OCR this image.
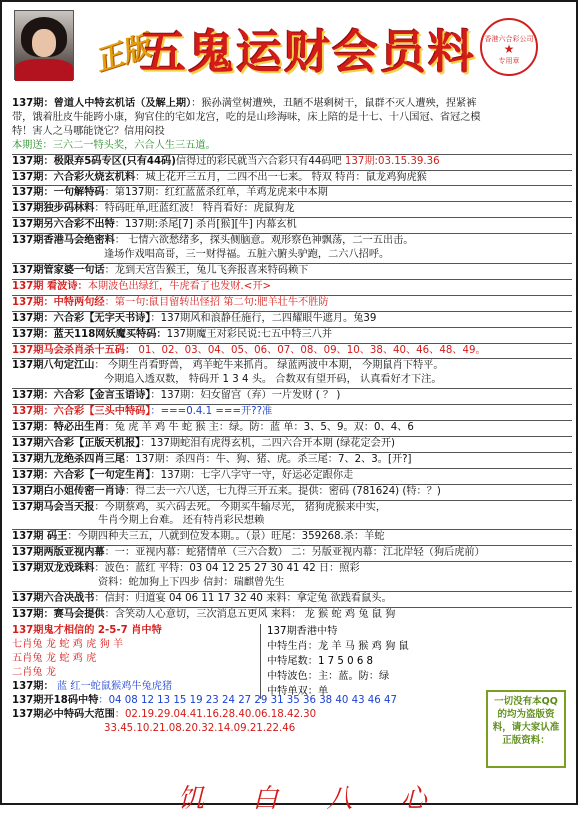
正版
五鬼运财会员料	香港六合彩公司
★
专用章
137期：曾道人中特玄机话（及解上期）：猴孙满堂树遭殃，丑陋不堪剩树干，鼠群不灭人遭殃，捏紧裤
带，饿着肚皮牛能跨小康，狗官住的宅如龙宫，吃的是山珍海味，床上陪的是十七、十八国冠、省冠之模
特！害人之马哪能饶它？信用闷投
本期送：三六二一特头奖，六合人生三五道。
137期：极限弃5码专区(只有44码)信得过的彩民就当六合彩只有44码吧 137期:03.15.39.36
137期：六合彩火烧玄机料：城上花开三五月，二四不出一七来。 特双 特肖：鼠龙鸡狗虎猴
137期：一句解特码：第137期：红红蓝蓝杀红单，羊鸡龙虎来中本期
137期独步码林料：特码旺单,旺蓝红波！ 特肖看好：虎鼠狗龙
137期另六合彩不出特：137期:杀尾[7] 杀肖[猴][牛] 内幕玄机
137期香港马会绝密料： 七情六欲愁绪多，探头侧脑意。观形察色神飘荡，二一五出击。
逢场作戏唱高哥，三一财得福。五脏六腑头驴跑，二六八招呼。
137期管家婆一句话：龙到天宫告猴王，兔儿飞奔报喜来特码赖下
137期 看波诗：本期波色出绿红，牛虎看了也发财.<开>
137期：中特两句经：第一句:鼠目留转出怪招 第二句:肥羊壮牛不胜防
137期：六合彩【无字天书诗】：137期风和浪静任施行，二四耀眼牛遮月。兔39
137期：蓝天118网妖魔买特码：137期魔王对彩民说:七五中特三八并
137期马会杀肖杀十五码： 01、02、03、04、05、06、07、08、09、10、38、40、46、48、49。
137期八句定江山： 今期生肖看野兽， 鸡羊蛇牛来抓肖。 绿蓝两波中本期， 今期鼠肖下特平。
今期追入透双数， 特码开 1 3 4 头。 合数双有望开码， 认真看好才下注。
137期：六合彩【金言玉语诗】：137期：妇女留宫（弃）一片发财 ( ？ )
137期：六合彩【三头中特码】：===0.4.1 ===开??准
137期：特必出生肖：兔 虎 羊 鸡 牛 蛇 猴 主：绿。防：蓝 单：3、5、9。双：0、4、6
137期六合彩【正版天机报】：137期蛇泪有虎得玄机，二四六合开本期 (绿花定会开)
137期九龙绝杀四肖三尾：137期：杀四肖：牛、狗、猪、虎。杀三尾：7、2、3。[开?]
137期：六合彩【一句定生肖】：137期：七字八字守一守，好运必定跟你走
137期白小姐传密一肖诗：得二去一六八送，七九得三开五来。提供：密码 (781624) (特：？)
137期马会当天报：今期蔡鸡，买六码去死。 今期买牛输尽光， 猪狗虎猴来中实，
牛肖今期上台难。 还有特肖彩民想赖
137期 码王：今期四种夫三五，八就到位发本期。。（景）旺尾：359268.杀：羊蛇
137期两版亚视内幕：一：亚视内幕：蛇猪情单（三六合数） 二：另版亚视内幕：江北岸轻（狗后虎前）
137期双龙戏珠料：波色：蓝红 平特：03 04 12 25 27 30 41 42 日：照彩
资料：蛇加狗上下四步 信封：瑞麒曾先生
137期六合决战书：信封：归道宴 04 06 11 17 32 40 来料：拿定兔 欲践看鼠头。
137期：赛马会提供：含笑动人心意切，三次消息五更风 来料： 龙 猴 蛇 鸡 兔 鼠 狗
137期鬼才相信的 2-5-7 肖中特
七肖兔 龙 蛇 鸡 虎 狗 羊
五肖兔 龙 蛇 鸡 虎
二肖兔 龙
137期： 蓝 红一蛇鼠猴鸡牛兔虎猪
137期开18码中特：04 08 12 13 15 19 23 24 27 29 31 35 36 38 40 43 46 47
137期必中特码大范围：02.19.29.04.41.16.28.40.06.18.42.30
33.45.10.21.08.20.32.14.09.21.22.46
137期香港中特
中特生肖：龙 羊 马 猴 鸡 狗 鼠
中特尾数：1 7 5 0 6 8
中特波色：主：蓝。防：绿
中特单双：单
一切没有本QQ的均为盗版资料，请大家认准正版资料：
饥 白 八 心
